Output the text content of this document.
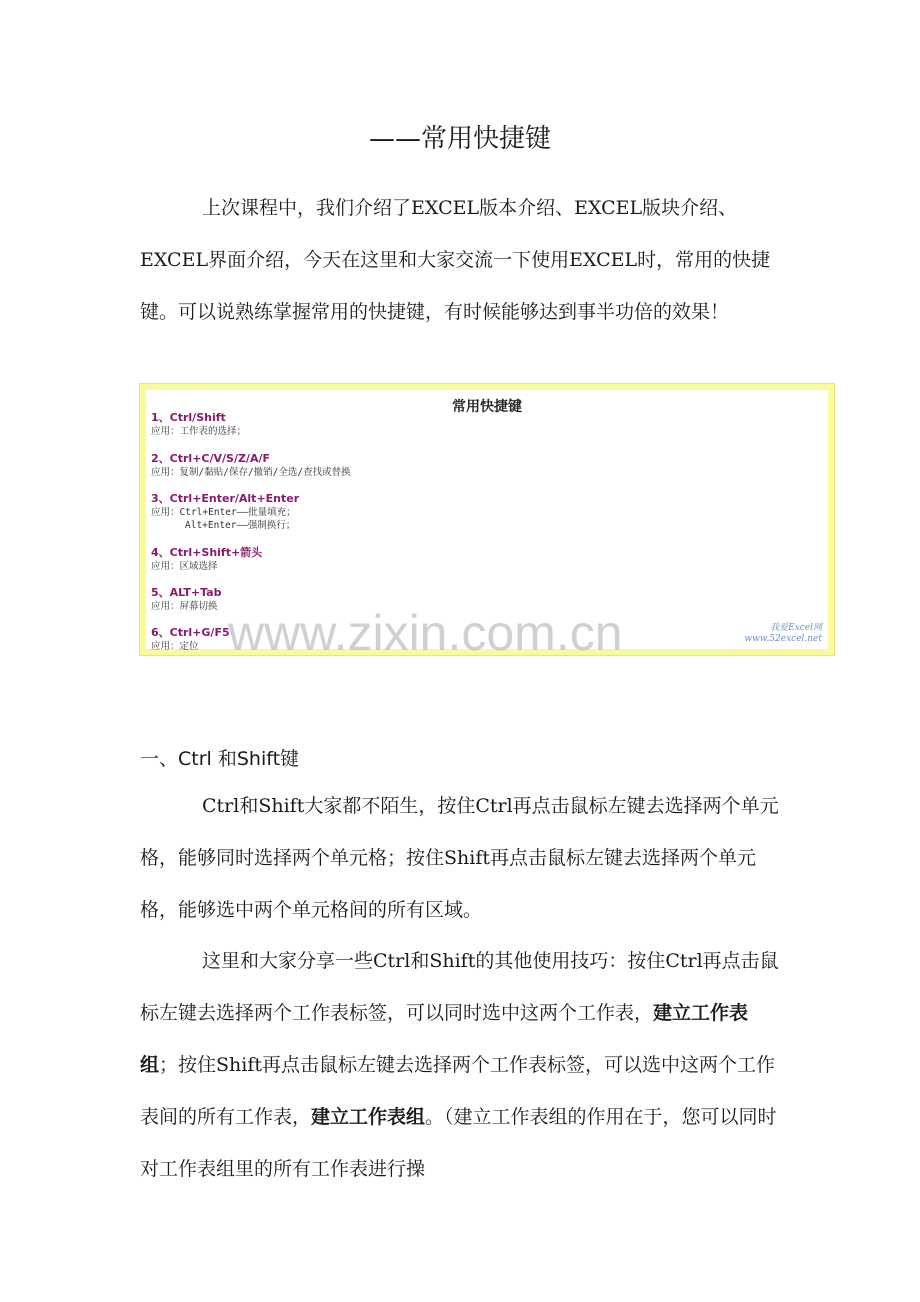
——常用快捷键

上次课程中，我们介绍了EXCEL版本介绍、EXCEL版块介绍、EXCEL界面介绍，今天在这里和大家交流一下使用EXCEL时，常用的快捷键。可以说熟练掌握常用的快捷键，有时候能够达到事半功倍的效果！

常用快捷键
1、Ctrl/Shift
应用：工作表的选择；
2、Ctrl+C/V/S/Z/A/F
应用：复制/黏贴/保存/撤销/全选/查找或替换
3、Ctrl+Enter/Alt+Enter
应用：Ctrl+Enter——批量填充；
Alt+Enter——强制换行；
4、Ctrl+Shift+箭头
应用：区域选择
5、ALT+Tab
应用：屏幕切换
6、Ctrl+G/F5
应用：定位
我爱Excel网
www.52excel.net
www.zixin.com.cn
一、Ctrl 和Shift键

Ctrl和Shift大家都不陌生，按住Ctrl再点击鼠标左键去选择两个单元格，能够同时选择两个单元格；按住Shift再点击鼠标左键去选择两个单元格，能够选中两个单元格间的所有区域。

这里和大家分享一些Ctrl和Shift的其他使用技巧：按住Ctrl再点击鼠标左键去选择两个工作表标签，可以同时选中这两个工作表，建立工作表组；按住Shift再点击鼠标左键去选择两个工作表标签，可以选中这两个工作表间的所有工作表，建立工作表组。（建立工作表组的作用在于，您可以同时对工作表组里的所有工作表进行操
